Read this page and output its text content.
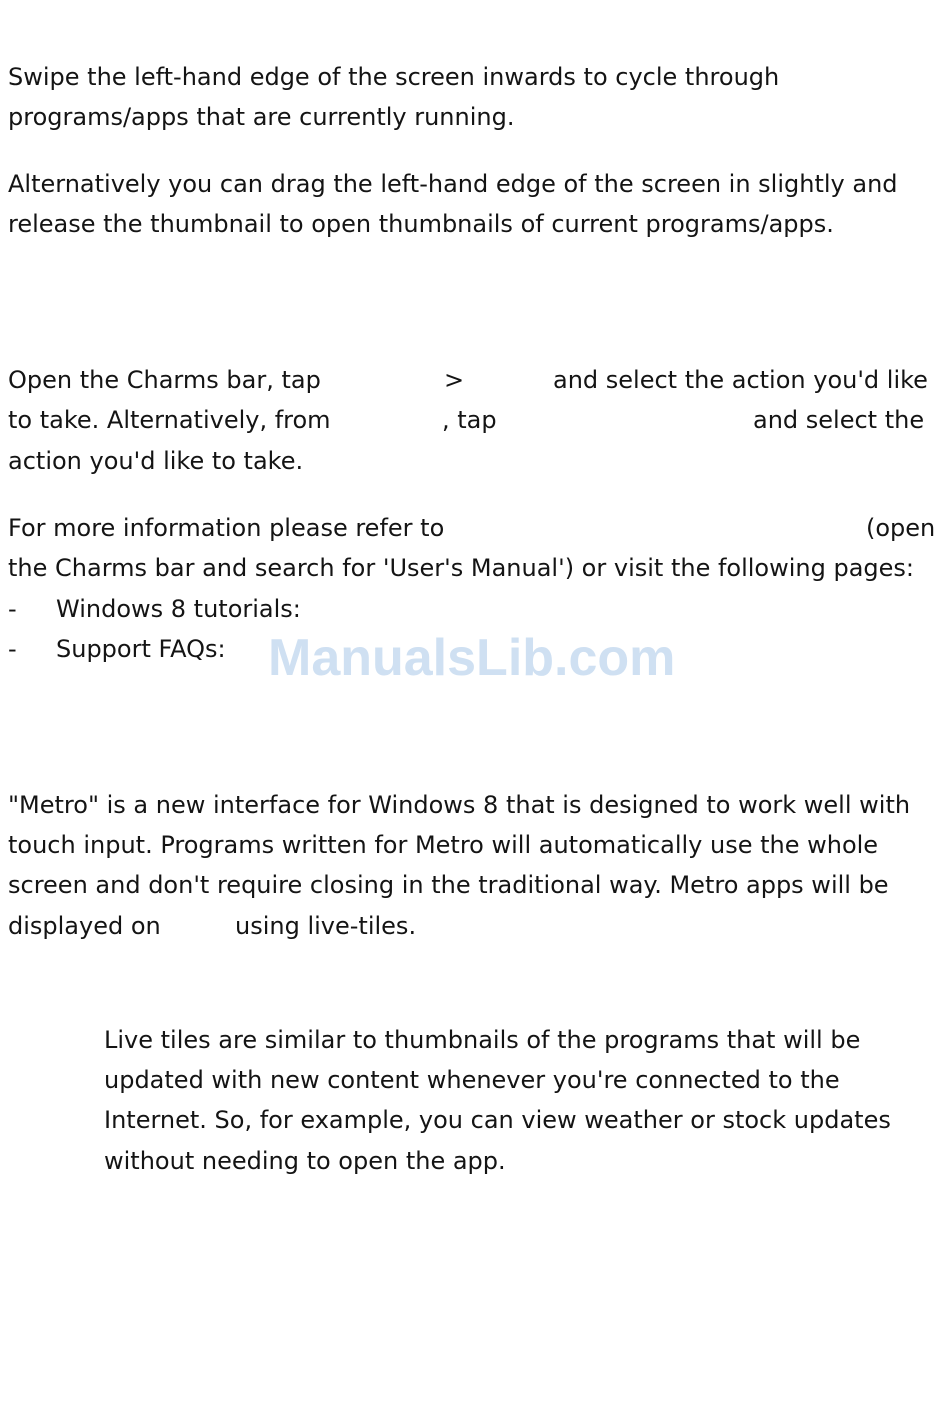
Swipe the left-hand edge of the screen inwards to cycle through
programs/apps that are currently running.
Alternatively you can drag the left-hand edge of the screen in slightly and
release the thumbnail to open thumbnails of current programs/apps.
Open the Charms bar, tap	>	and select the action you'd like
to take. Alternatively, from	, tap	and select the
action you'd like to take.
For more information please refer to	(open
the Charms bar and search for 'User's Manual') or visit the following pages:
- Windows 8 tutorials:
- Support FAQs: ManualsLib.com
"Metro" is a new interface for Windows 8 that is designed to work well with
touch input. Programs written for Metro will automatically use the whole
screen and don't require closing in the traditional way. Metro apps will be
displayed on	using live-tiles.
Live tiles are similar to thumbnails of the programs that will be
updated with new content whenever you're connected to the
Internet. So, for example, you can view weather or stock updates
without needing to open the app.
